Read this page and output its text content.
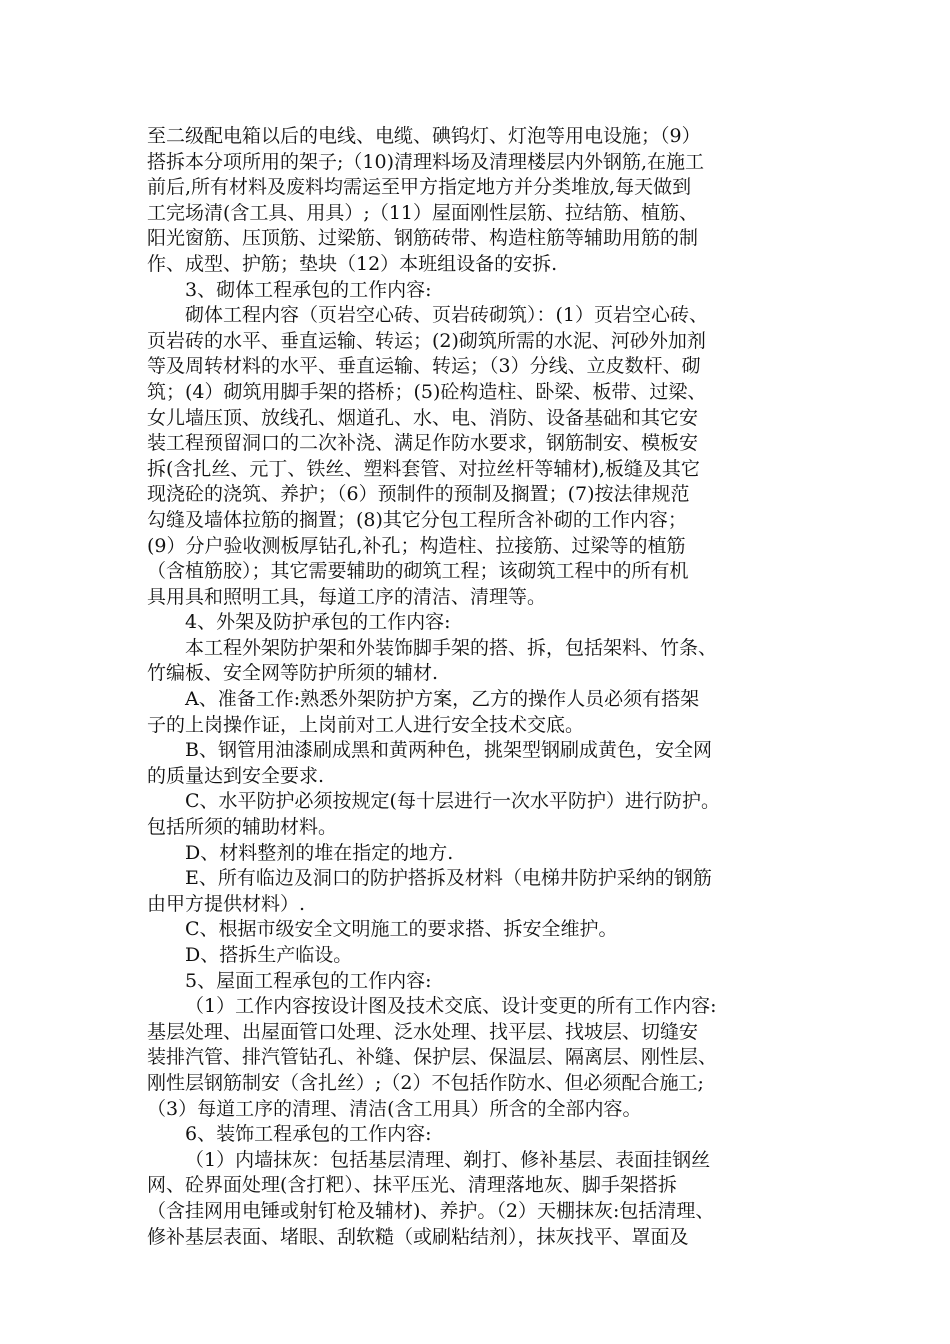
至二级配电箱以后的电线、电缆、碘钨灯、灯泡等用电设施；（9）
搭拆本分项所用的架子;（10)清理料场及清理楼层内外钢筋,在施工
前后,所有材料及废料均需运至甲方指定地方并分类堆放,每天做到
工完场清(含工具、用具）;（11）屋面刚性层筋、拉结筋、植筋、
阳光窗筋、压顶筋、过梁筋、钢筋砖带、构造柱筋等辅助用筋的制
作、成型、护筋；垫块（12）本班组设备的安拆.
3、砌体工程承包的工作内容:
砌体工程内容（页岩空心砖、页岩砖砌筑）：(1）页岩空心砖、
页岩砖的水平、垂直运输、转运；(2)砌筑所需的水泥、河砂外加剂
等及周转材料的水平、垂直运输、转运；（3）分线、立皮数杆、砌
筑；(4）砌筑用脚手架的搭桥；(5)砼构造柱、卧梁、板带、过梁、
女儿墙压顶、放线孔、烟道孔、水、电、消防、设备基础和其它安
装工程预留洞口的二次补浇、满足作防水要求，钢筋制安、模板安
拆(含扎丝、元丁、铁丝、塑料套管、对拉丝杆等辅材),板缝及其它
现浇砼的浇筑、养护；（6）预制件的预制及搁置；(7)按法律规范
勾缝及墙体拉筋的搁置；(8)其它分包工程所含补砌的工作内容；
(9）分户验收测板厚钻孔,补孔；构造柱、拉接筋、过梁等的植筋
（含植筋胶）；其它需要辅助的砌筑工程；该砌筑工程中的所有机
具用具和照明工具，每道工序的清洁、清理等。
4、外架及防护承包的工作内容:
本工程外架防护架和外装饰脚手架的搭、拆，包括架料、竹条、
竹编板、安全网等防护所须的辅材.
A、准备工作:熟悉外架防护方案，乙方的操作人员必须有搭架
子的上岗操作证，上岗前对工人进行安全技术交底。
B、钢管用油漆刷成黑和黄两种色，挑架型钢刷成黄色，安全网
的质量达到安全要求.
C、水平防护必须按规定(每十层进行一次水平防护）进行防护。
包括所须的辅助材料。
D、材料整剂的堆在指定的地方.
E、所有临边及洞口的防护搭拆及材料（电梯井防护采纳的钢筋
由甲方提供材料）.
C、根据市级安全文明施工的要求搭、拆安全维护。
D、搭拆生产临设。
5、屋面工程承包的工作内容:
（1）工作内容按设计图及技术交底、设计变更的所有工作内容:
基层处理、出屋面管口处理、泛水处理、找平层、找坡层、切缝安
装排汽管、排汽管钻孔、补缝、保护层、保温层、隔离层、刚性层、
刚性层钢筋制安（含扎丝）;（2）不包括作防水、但必须配合施工;
（3）每道工序的清理、清洁(含工用具）所含的全部内容。
6、装饰工程承包的工作内容:
（1）内墙抹灰：包括基层清理、剃打、修补基层、表面挂钢丝
网、砼界面处理(含打粑）、抹平压光、清理落地灰、脚手架搭拆
（含挂网用电锤或射钉枪及辅材)、养护。（2）天棚抹灰:包括清理、
修补基层表面、堵眼、刮软糙（或刷粘结剂），抹灰找平、罩面及
